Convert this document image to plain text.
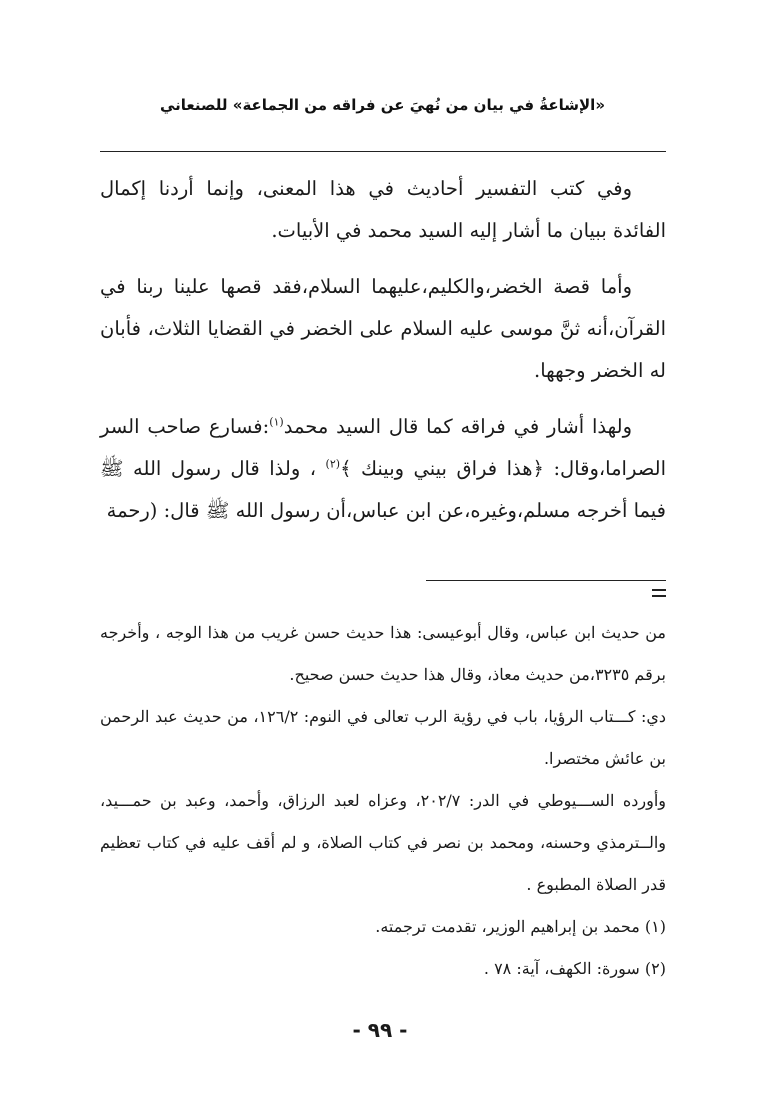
«الإشاعةُ في بيان من نُهيَ عن فراقه من الجماعة» للصنعاني

وفي كتب التفسير أحاديث في هذا المعنى، وإنما أردنا إكمال الفائدة ببيان ما أشار إليه السيد محمد في الأبيات.

وأما قصة الخضر،والكليم،عليهما السلام،فقد قصها علينا ربنا في القرآن،أنه ثنَّ موسى عليه السلام على الخضر في القضايا الثلاث، فأبان له الخضر وجهها.

ولهذا أشار في فراقه كما قال السيد محمد$^{(١)}$:فسارع صاحب السر الصراما،وقال: ﴿هذا فراق بيني وبينك ﴾$^{(٢)}$ ، ولذا قال رسول الله ﷺ فيما أخرجه مسلم،وغيره،عن ابن عباس،أن رسول الله ﷺ قال: (رحمة

من حديث ابن عباس، وقال أبوعيسى: هذا حديث حسن غريب من هذا الوجه ، وأخرجه برقم ٣٢٣٥،من حديث معاذ، وقال هذا حديث حسن صحيح.

دي: كـــتاب الرؤيا، باب في رؤية الرب تعالى في النوم: ١٢٦/٢، من حديث عبد الرحمن بن عائش مختصرا.

وأورده الســـيوطي في الدر: ٢٠٢/٧، وعزاه لعبد الرزاق، وأحمد، وعبد بن حمـــيد، والــترمذي وحسنه، ومحمد بن نصر في كتاب الصلاة، و لم أقف عليه في كتاب تعظيم قدر الصلاة المطبوع .

(١) محمد بن إبراهيم الوزير، تقدمت ترجمته.

(٢) سورة: الكهف، آية: ٧٨ .

- ٩٩ -
